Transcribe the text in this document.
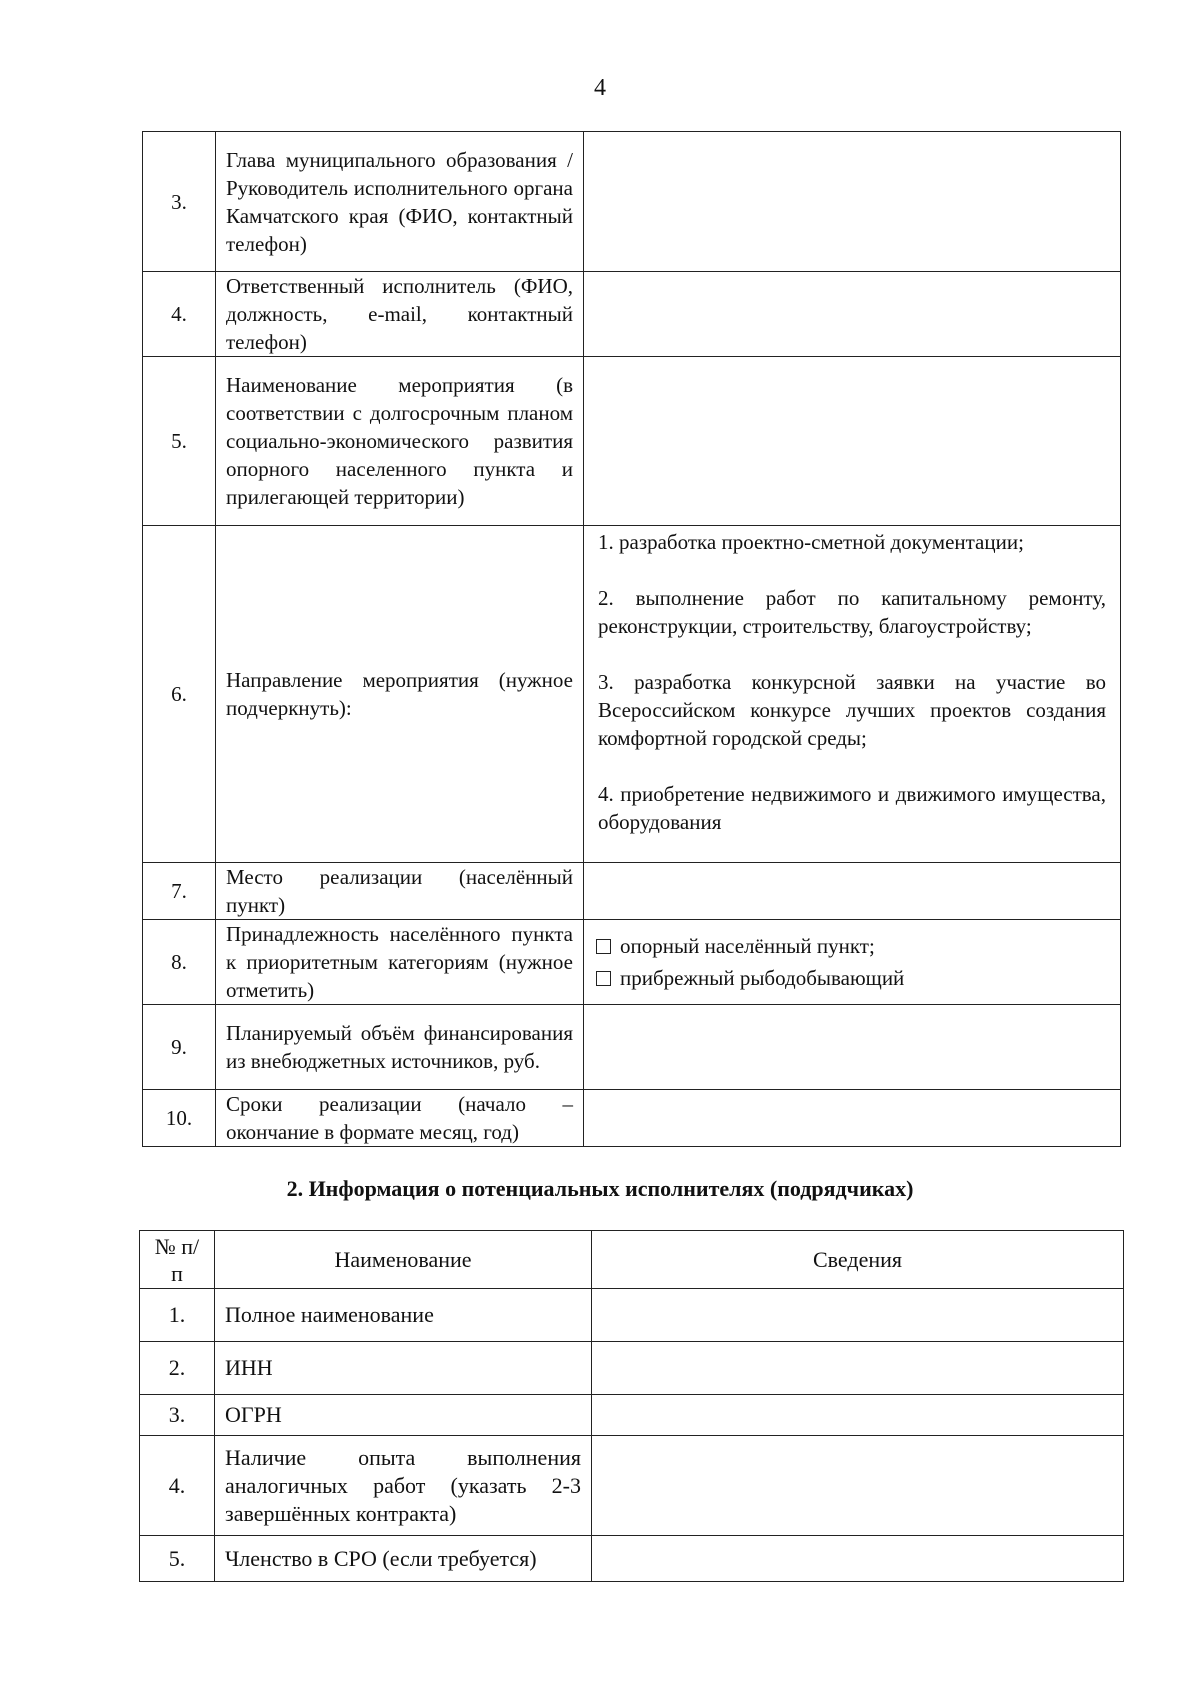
4
3.	Глава муниципального образования / Руководитель исполнительного органа Камчатского края (ФИО, контактный телефон)	
4.	Ответственный исполнитель (ФИО, должность, e-mail, контактный телефон)	
5.	Наименование мероприятия (в соответствии с долгосрочным планом социально-экономического развития опорного населенного пункта и прилегающей территории)	
6.	Направление мероприятия (нужное подчеркнуть):	1. разработка проектно-сметной документации;

2. выполнение работ по капитальному ремонту, реконструкции, строительству, благоустройству;

3. разработка конкурсной заявки на участие во Всероссийском конкурсе лучших проектов создания комфортной городской среды;

4. приобретение недвижимого и движимого имущества, оборудования

7.	Место реализации (населённый пункт)	
8.	Принадлежность населённого пункта к приоритетным категориям (нужное отметить)	опорный населённый пункт;
прибрежный рыбодобывающий

9.	Планируемый объём финансирования из внебюджетных источников, руб.	
10.	Сроки реализации (начало – окончание в формате месяц, год)	
2. Информация о потенциальных исполнителях (подрядчиках)
№ п/п	Наименование	Сведения
1.	Полное наименование	
2.	ИНН	
3.	ОГРН	
4.	Наличие опыта выполнения аналогичных работ (указать 2-3 завершённых контракта)	
5.	Членство в СРО (если требуется)	
